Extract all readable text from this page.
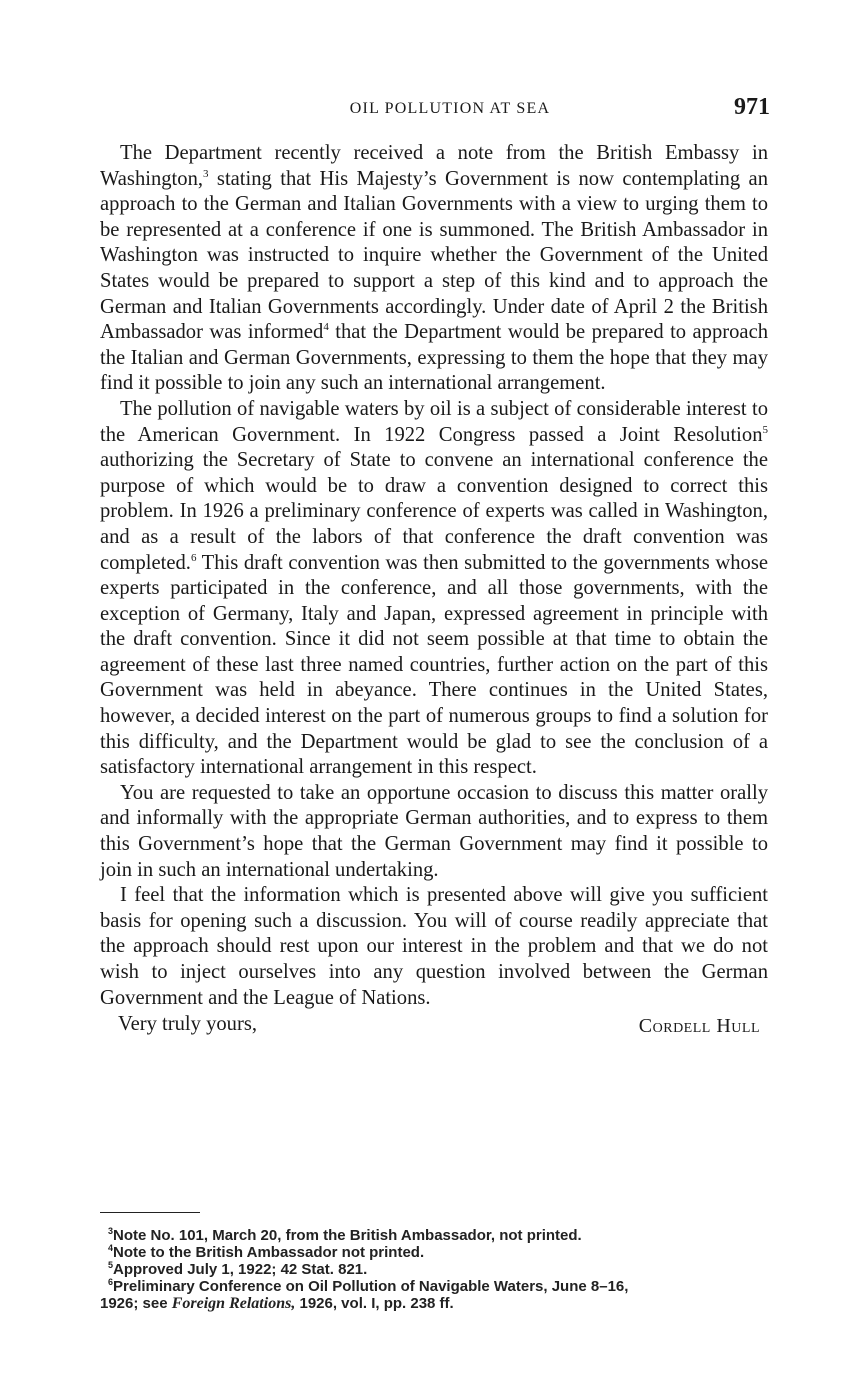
OIL POLLUTION AT SEA	971

The Department recently received a note from the British Embassy in Washington,$^3$ stating that His Majesty’s Government is now contemplating an approach to the German and Italian Governments with a view to urging them to be represented at a conference if one is summoned. The British Ambassador in Washington was instructed to inquire whether the Government of the United States would be prepared to support a step of this kind and to approach the German and Italian Governments accordingly. Under date of April 2 the British Ambassador was informed$^4$ that the Department would be prepared to approach the Italian and German Governments, expressing to them the hope that they may find it possible to join any such an international arrangement.

The pollution of navigable waters by oil is a subject of considerable interest to the American Government. In 1922 Congress passed a Joint Resolution$^5$ authorizing the Secretary of State to convene an international conference the purpose of which would be to draw a convention designed to correct this problem. In 1926 a preliminary conference of experts was called in Washington, and as a result of the labors of that conference the draft convention was completed.$^6$ This draft convention was then submitted to the governments whose experts participated in the conference, and all those governments, with the exception of Germany, Italy and Japan, expressed agreement in principle with the draft convention. Since it did not seem possible at that time to obtain the agreement of these last three named countries, further action on the part of this Government was held in abeyance. There continues in the United States, however, a decided interest on the part of numerous groups to find a solution for this difficulty, and the Department would be glad to see the conclusion of a satisfactory international arrangement in this respect.

You are requested to take an opportune occasion to discuss this matter orally and informally with the appropriate German authorities, and to express to them this Government’s hope that the German Government may find it possible to join in such an international undertaking.

I feel that the information which is presented above will give you sufficient basis for opening such a discussion. You will of course readily appreciate that the approach should rest upon our interest in the problem and that we do not wish to inject ourselves into any question involved between the German Government and the League of Nations.

Very truly yours,	Cordell Hull
$^3$Note No. 101, March 20, from the British Ambassador, not printed.
$^4$Note to the British Ambassador not printed.
$^5$Approved July 1, 1922; 42 Stat. 821.
$^6$Preliminary Conference on Oil Pollution of Navigable Waters, June 8–16,
1926; see Foreign Relations, 1926, vol. I, pp. 238 ff.
